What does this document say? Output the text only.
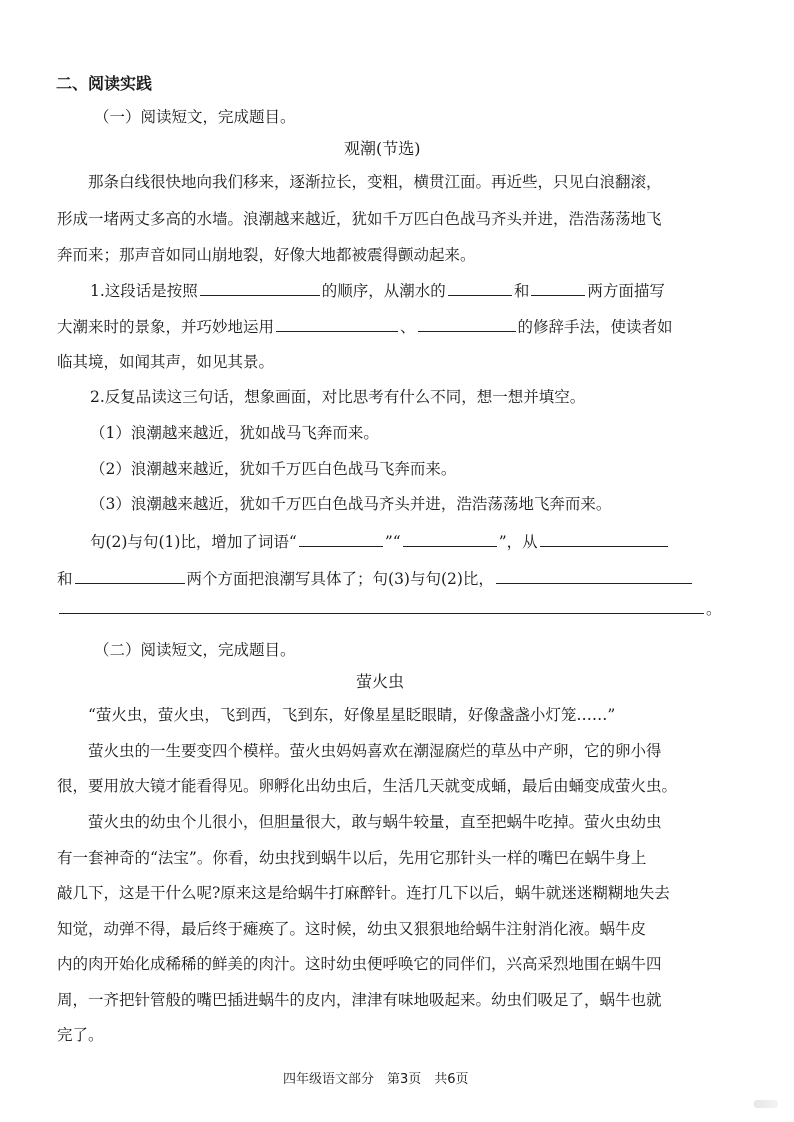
二、阅读实践
（一）阅读短文，完成题目。
观潮(节选)
那条白线很快地向我们移来，逐渐拉长，变粗，横贯江面。再近些，只见白浪翻滚，
形成一堵两丈多高的水墙。浪潮越来越近，犹如千万匹白色战马齐头并进，浩浩荡荡地飞
奔而来；那声音如同山崩地裂，好像大地都被震得颤动起来。
1.这段话是按照	的顺序，从潮水的	和	两方面描写
大潮来时的景象，并巧妙地运用	、	的修辞手法，使读者如
临其境，如闻其声，如见其景。
2.反复品读这三句话，想象画面，对比思考有什么不同，想一想并填空。
（1）浪潮越来越近，犹如战马飞奔而来。
（2）浪潮越来越近，犹如千万匹白色战马飞奔而来。
（3）浪潮越来越近，犹如千万匹白色战马齐头并进，浩浩荡荡地飞奔而来。
句(2)与句(1)比，增加了词语“	”“	”，从
和	两个方面把浪潮写具体了；句(3)与句(2)比，
。
（二）阅读短文，完成题目。
萤火虫
“萤火虫，萤火虫，飞到西，飞到东，好像星星眨眼睛，好像盏盏小灯笼……”
萤火虫的一生要变四个模样。萤火虫妈妈喜欢在潮湿腐烂的草丛中产卵，它的卵小得
很，要用放大镜才能看得见。卵孵化出幼虫后，生活几天就变成蛹，最后由蛹变成萤火虫。
萤火虫的幼虫个儿很小，但胆量很大，敢与蜗牛较量，直至把蜗牛吃掉。萤火虫幼虫
有一套神奇的“法宝”。你看，幼虫找到蜗牛以后，先用它那针头一样的嘴巴在蜗牛身上
敲几下，这是干什么呢?原来这是给蜗牛打麻醉针。连打几下以后，蜗牛就迷迷糊糊地失去
知觉，动弹不得，最后终于瘫痪了。这时候，幼虫又狠狠地给蜗牛注射消化液。蜗牛皮
内的肉开始化成稀稀的鲜美的肉汁。这时幼虫便呼唤它的同伴们，兴高采烈地围在蜗牛四
周，一齐把针管般的嘴巴插进蜗牛的皮内，津津有味地吸起来。幼虫们吸足了，蜗牛也就
完了。
四年级语文部分　第3页　共6页
